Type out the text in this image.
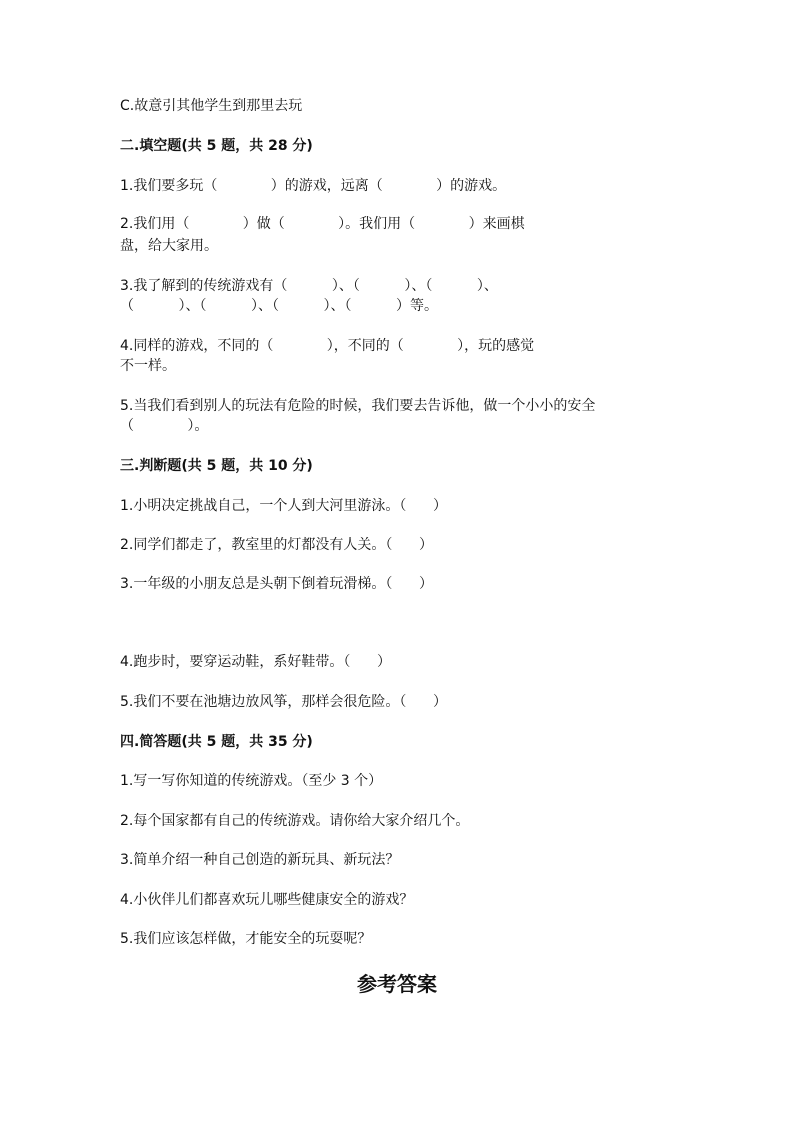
C.故意引其他学生到那里去玩
二.填空题(共 5 题，共 28 分)
1.我们要多玩（            ）的游戏，远离（            ）的游戏。
2.我们用（            ）做（            ）。我们用（            ）来画棋
盘，给大家用。
3.我了解到的传统游戏有（          ）、（          ）、（          ）、
（          ）、（          ）、（          ）、（          ）等。
4.同样的游戏，不同的（            ），不同的（            ），玩的感觉
不一样。
5.当我们看到别人的玩法有危险的时候，我们要去告诉他，做一个小小的安全
（            ）。
三.判断题(共 5 题，共 10 分)
1.小明决定挑战自己，一个人到大河里游泳。（      ）
2.同学们都走了，教室里的灯都没有人关。（      ）
3.一年级的小朋友总是头朝下倒着玩滑梯。（      ）
4.跑步时，要穿运动鞋，系好鞋带。（      ）
5.我们不要在池塘边放风筝，那样会很危险。（      ）
四.简答题(共 5 题，共 35 分)
1.写一写你知道的传统游戏。（至少 3 个）
2.每个国家都有自己的传统游戏。请你给大家介绍几个。
3.简单介绍一种自己创造的新玩具、新玩法？
4.小伙伴儿们都喜欢玩儿哪些健康安全的游戏？
5.我们应该怎样做，才能安全的玩耍呢？
参考答案
